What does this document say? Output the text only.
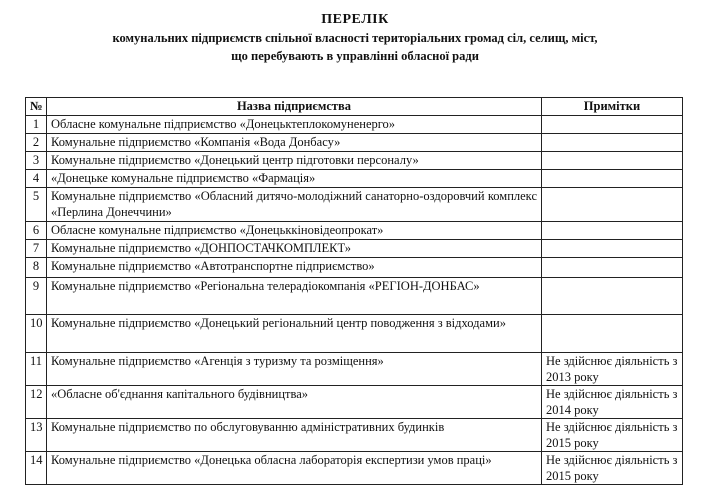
ПЕРЕЛІК
комунальних підприємств спільної власності територіальних громад сіл, селищ, міст,
що перебувають в управлінні обласної ради
№	Назва підприємства	Примітки
1	Обласне комунальне підприємство «Донецьктеплокомуненерго»	
2	Комунальне підприємство «Компанія «Вода Донбасу»	
3	Комунальне підприємство «Донецький центр підготовки персоналу»	
4	«Донецьке комунальне підприємство «Фармація»	
5	Комунальне підприємство «Обласний дитячо-молодіжний санаторно-оздоровчий комплекс «Перлина Донеччини»	
6	Обласне комунальне підприємство «Донецьккіновідеопрокат»	
7	Комунальне підприємство «ДОНПОСТАЧКОМПЛЕКТ»	
8	Комунальне підприємство «Автотранспортне підприємство»	
9	Комунальне підприємство «Регіональна телерадіокомпанія «РЕГІОН-ДОНБАС»	
10	Комунальне підприємство «Донецький регіональний центр поводження з відходами»	
11	Комунальне підприємство «Агенція з туризму та розміщення»	Не здійснює діяльність з 2013 року
12	«Обласне об'єднання капітального будівництва»	Не здійснює діяльність з 2014 року
13	Комунальне підприємство по обслуговуванню адміністративних будинків	Не здійснює діяльність з 2015 року
14	Комунальне підприємство «Донецька обласна лабораторія експертизи умов праці»	Не здійснює діяльність з 2015 року
